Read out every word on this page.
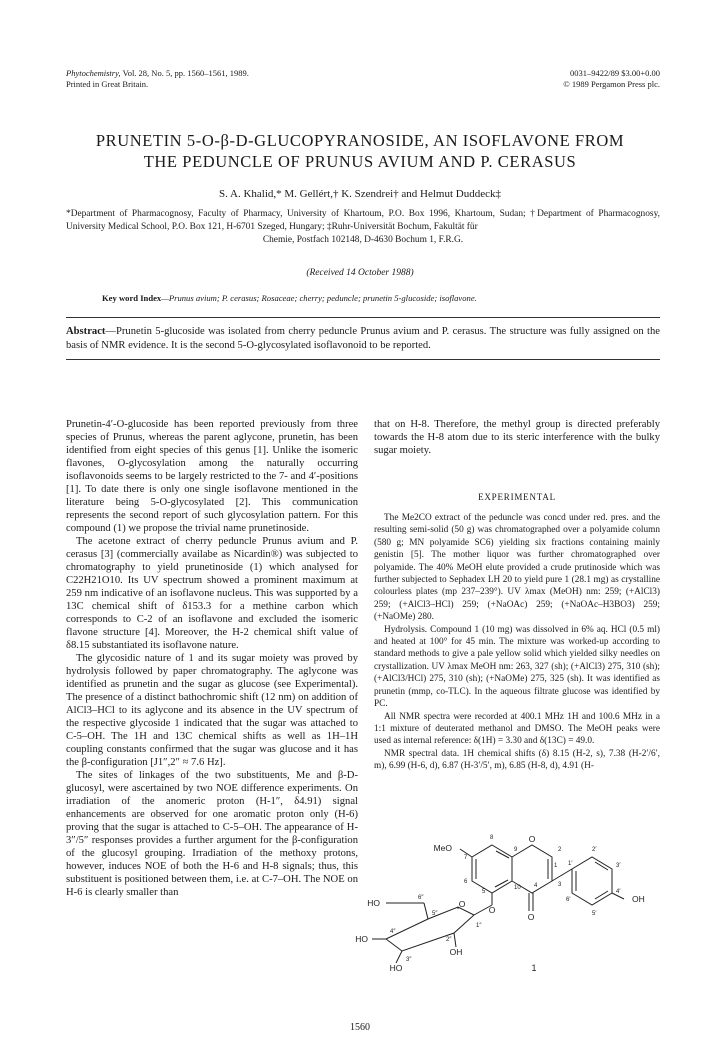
Phytochemistry, Vol. 28, No. 5, pp. 1560–1561, 1989.
Printed in Great Britain.
0031–9422/89 $3.00+0.00
© 1989 Pergamon Press plc.
PRUNETIN 5-O-β-D-GLUCOPYRANOSIDE, AN ISOFLAVONE FROM
THE PEDUNCLE OF PRUNUS AVIUM AND P. CERASUS
S. A. Khalid,* M. Gellért,† K. Szendrei† and Helmut Duddeck‡
*Department of Pharmacognosy, Faculty of Pharmacy, University of Khartoum, P.O. Box 1996, Khartoum, Sudan; †Department of Pharmacognosy, University Medical School, P.O. Box 121, H-6701 Szeged, Hungary; ‡Ruhr-Universität Bochum, Fakultät für
Chemie, Postfach 102148, D-4630 Bochum 1, F.R.G.
(Received 14 October 1988)
Key word Index—Prunus avium; P. cerasus; Rosaceae; cherry; peduncle; prunetin 5-glucoside; isoflavone.
Abstract—Prunetin 5-glucoside was isolated from cherry peduncle Prunus avium and P. cerasus. The structure was fully assigned on the basis of NMR evidence. It is the second 5-O-glycosylated isoflavonoid to be reported.

Prunetin-4′-O-glucoside has been reported previously from three species of Prunus, whereas the parent aglycone, prunetin, has been identified from eight species of this genus [1]. Unlike the isomeric flavones, O-glycosylation among the naturally occurring isoflavonoids seems to be largely restricted to the 7- and 4′-positions [1]. To date there is only one single isoflavone mentioned in the literature being 5-O-glycosylated [2]. This communication represents the second report of such glycosylation pattern. For this compound (1) we propose the trivial name prunetinoside.

The acetone extract of cherry peduncle Prunus avium and P. cerasus [3] (commercially availabe as Nicardin®) was subjected to chromatography to yield prunetinoside (1) which analysed for C22H21O10. Its UV spectrum showed a prominent maximum at 259 nm indicative of an isoflavone nucleus. This was supported by a 13C chemical shift of δ153.3 for a methine carbon which corresponds to C-2 of an isoflavone and excluded the isomeric flavone structure [4]. Moreover, the H-2 chemical shift value of δ8.15 substantiated its isoflavone nature.

The glycosidic nature of 1 and its sugar moiety was proved by hydrolysis followed by paper chromatography. The aglycone was identified as prunetin and the sugar as glucose (see Experimental). The presence of a distinct bathochromic shift (12 nm) on addition of AlCl3–HCl to its aglycone and its absence in the UV spectrum of the respective glycoside 1 indicated that the sugar was attached to C-5–OH. The 1H and 13C chemical shifts as well as 1H–1H coupling constants confirmed that the sugar was glucose and it has the β-configuration [J1″,2″ ≈ 7.6 Hz].

The sites of linkages of the two substituents, Me and β-D-glucosyl, were ascertained by two NOE difference experiments. On irradiation of the anomeric proton (H-1″, δ4.91) signal enhancements are observed for one aromatic proton only (H-6) proving that the sugar is attached to C-5–OH. The appearance of H-3″/5″ responses provides a further argument for the β-configuration of the glucosyl grouping. Irradiation of the methoxy protons, however, induces NOE of both the H-6 and H-8 signals; thus, this substituent is positioned between them, i.e. at C-7–OH. The NOE on H-6 is clearly smaller than

that on H-8. Therefore, the methyl group is directed preferably towards the H-8 atom due to its steric interference with the bulky sugar moiety.
EXPERIMENTAL

The Me2CO extract of the peduncle was concd under red. pres. and the resulting semi-solid (50 g) was chromatographed over a polyamide column (580 g; MN polyamide SC6) yielding six fractions containing mainly genistin [5]. The mother liquor was further chromatographed over polyamide. The 40% MeOH elute provided a crude prutinoside which was further subjected to Sephadex LH 20 to yield pure 1 (28.1 mg) as crystalline colourless plates (mp 237–239°). UV λmax (MeOH) nm: 259; (+AlCl3) 259; (+AlCl3–HCl) 259; (+NaOAc) 259; (+NaOAc–H3BO3) 259; (+NaOMe) 280.

Hydrolysis. Compound 1 (10 mg) was dissolved in 6% aq. HCl (0.5 ml) and heated at 100° for 45 min. The mixture was worked-up according to standard methods to give a pale yellow solid which yielded silky needles on crystallization. UV λmax MeOH nm: 263, 327 (sh); (+AlCl3) 275, 310 (sh); (+AlCl3/HCl) 275, 310 (sh); (+NaOMe) 275, 325 (sh). It was identified as prunetin (mmp, co-TLC). In the aqueous filtrate glucose was identified by PC.

All NMR spectra were recorded at 400.1 MHz 1H and 100.6 MHz in a 1:1 mixture of deuterated methanol and DMSO. The MeOH peaks were used as internal reference: δ(1H) = 3.30 and δ(13C) = 49.0.

NMR spectral data. 1H chemical shifts (δ) 8.15 (H-2, s), 7.38 (H-2′/6′, m), 6.99 (H-6, d), 6.87 (H-3′/5′, m), 6.85 (H-8, d), 4.91 (H-

MeO
HO
HO
HO
OH
OH
O
O
O
O
1
2
3
4
5
6
7
8
9
10
1′
2′
3′
4′
5′
6′
1″
2″
3″
4″
5″
6″
1
1560
